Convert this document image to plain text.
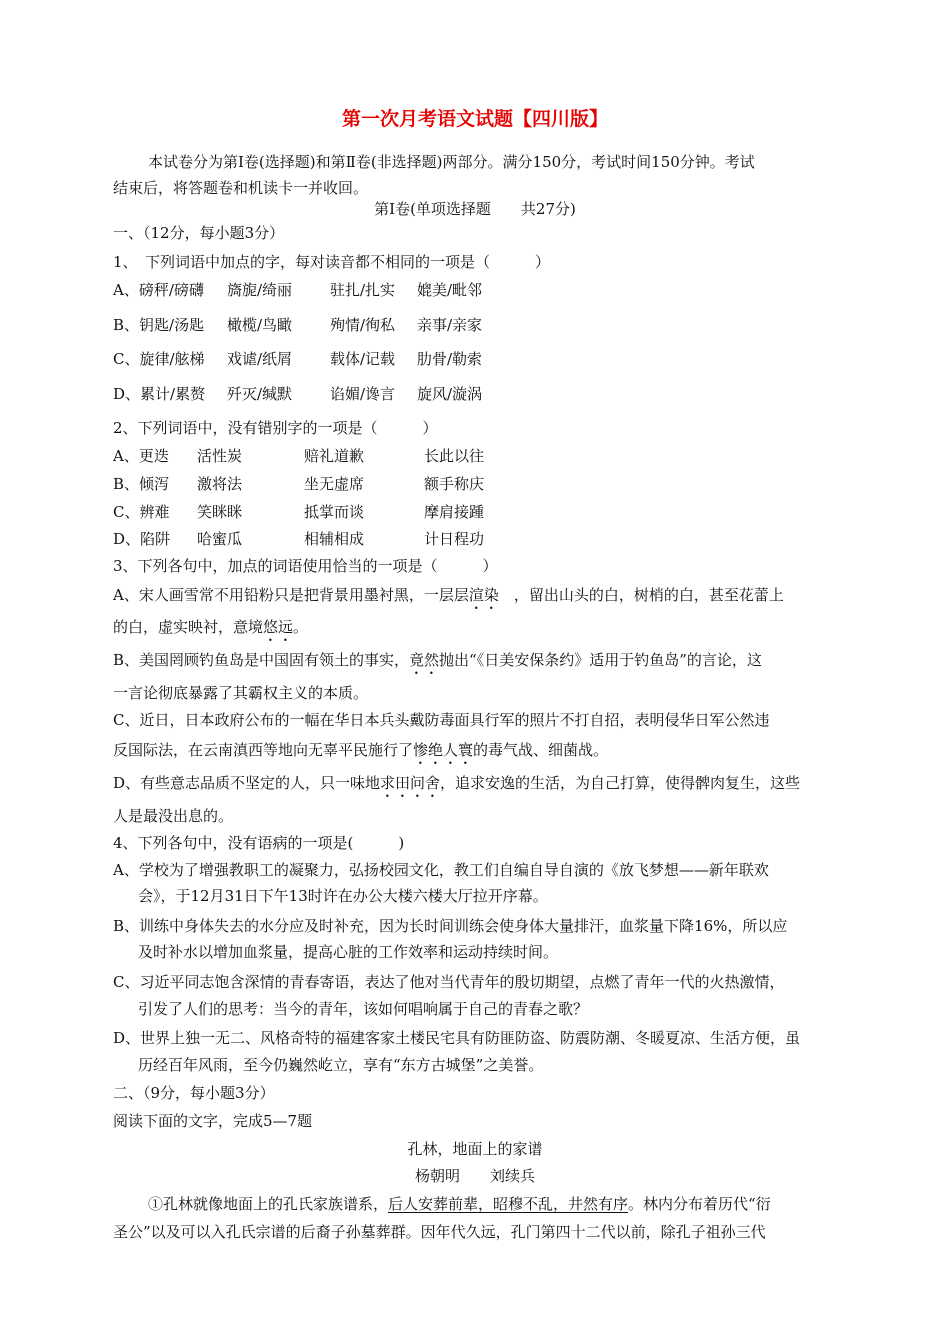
第一次月考语文试题【四川版】
本试卷分为第Ⅰ卷(选择题)和第Ⅱ卷(非选择题)两部分。满分150分，考试时间150分钟。考试
结束后，将答题卷和机读卡一并收回。
第Ⅰ卷(单项选择题　　共27分)
一、（12分，每小题3分）
1、　下列词语中加点的字，每对读音都不相同的一项是（　　　）
A、磅秤/磅礴	旖旎/绮丽	驻扎/扎实	媲美/毗邻
B、钥匙/汤匙	橄榄/鸟瞰	殉情/徇私	亲事/亲家
C、旋律/舷梯	戏谑/纸屑	载体/记载	肋骨/勒索
D、累计/累赘	歼灭/缄默	谄媚/谗言	旋风/漩涡
2、下列词语中，没有错别字的一项是（　　　）
A、更迭	活性炭	赔礼道歉	长此以往
B、倾泻	激将法	坐无虚席	额手称庆
C、辨难	笑眯眯	抵掌而谈	摩肩接踵
D、陷阱	哈蜜瓜	相辅相成	计日程功
3、下列各句中，加点的词语使用恰当的一项是（　　　）
A、宋人画雪常不用铅粉只是把背景用墨衬黑，一层层渲染　，留出山头的白，树梢的白，甚至花蕾上
的白，虚实映衬，意境悠远。
B、美国罔顾钓鱼岛是中国固有领土的事实，竟然抛出“《日美安保条约》适用于钓鱼岛”的言论，这
一言论彻底暴露了其霸权主义的本质。
C、近日，日本政府公布的一幅在华日本兵头戴防毒面具行军的照片不打自招，表明侵华日军公然违
反国际法，在云南滇西等地向无辜平民施行了惨绝人寰的毒气战、细菌战。
D、有些意志品质不坚定的人，只一味地求田问舍，追求安逸的生活，为自己打算，使得髀肉复生，这些
人是最没出息的。
4、下列各句中，没有语病的一项是(　　　)
A、学校为了增强教职工的凝聚力，弘扬校园文化，教工们自编自导自演的《放飞梦想——新年联欢
会》，于12月31日下午13时许在办公大楼六楼大厅拉开序幕。
B、训练中身体失去的水分应及时补充，因为长时间训练会使身体大量排汗，血浆量下降16%，所以应
及时补水以增加血浆量，提高心脏的工作效率和运动持续时间。
C、习近平同志饱含深情的青春寄语，表达了他对当代青年的殷切期望，点燃了青年一代的火热激情，
引发了人们的思考：当今的青年，该如何唱响属于自己的青春之歌？
D、世界上独一无二、风格奇特的福建客家土楼民宅具有防匪防盗、防震防潮、冬暖夏凉、生活方便，虽
历经百年风雨，至今仍巍然屹立，享有“东方古城堡”之美誉。
二、（9分，每小题3分）
阅读下面的文字，完成5—7题
孔林，地面上的家谱
杨朝明　　刘续兵
①孔林就像地面上的孔氏家族谱系，后人安葬前辈，昭穆不乱，井然有序。林内分布着历代“衍
圣公”以及可以入孔氏宗谱的后裔子孙墓葬群。因年代久远，孔门第四十二代以前，除孔子祖孙三代
